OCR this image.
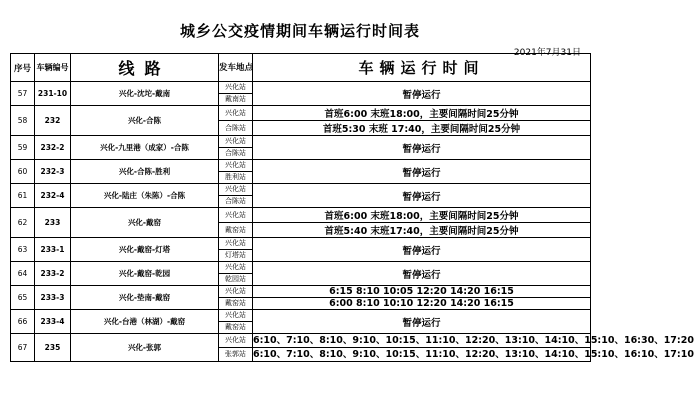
城乡公交疫情期间车辆运行时间表
2021年7月31日
序号	车辆编号	线路	发车地点	车辆运行时间
57	231-10	兴化-沈坨-戴南	兴化站	暂停运行
			戴南站	
58	232	兴化-合陈	兴化站	首班6:00 末班18:00，主要间隔时间25分钟
			合陈站	首班5:30 末班 17:40，主要间隔时间25分钟
59	232-2	兴化-九里港（成家）-合陈	兴化站	暂停运行
			合陈站	
60	232-3	兴化-合陈-胜利	兴化站	暂停运行
			胜利站	
61	232-4	兴化-陆庄（朱陈）-合陈	兴化站	暂停运行
			合陈站	
62	233	兴化-戴窑	兴化站	首班6:00 末班18:00，主要间隔时间25分钟
			戴窑站	首班5:40 末班17:40，主要间隔时间25分钟
63	233-1	兴化-戴窑-灯塔	兴化站	暂停运行
			灯塔站	
64	233-2	兴化-戴窑-乾园	兴化站	暂停运行
			乾园站	
65	233-3	兴化-垫南-戴窑	兴化站	6:15 8:10 10:05 12:20 14:20 16:15
			戴窑站	6:00 8:10 10:10 12:20 14:20 16:15
66	233-4	兴化-台港（林湖）-戴窑	兴化站	暂停运行
			戴窑站	
67	235	兴化-张郭	兴化站	6:10、7:10、8:10、9:10、10:15、11:10、12:20、13:10、14:10、15:10、16:30、17:20
			张郭站	6:10、7:10、8:10、9:10、10:15、11:10、12:20、13:10、14:10、15:10、16:10、17:10
